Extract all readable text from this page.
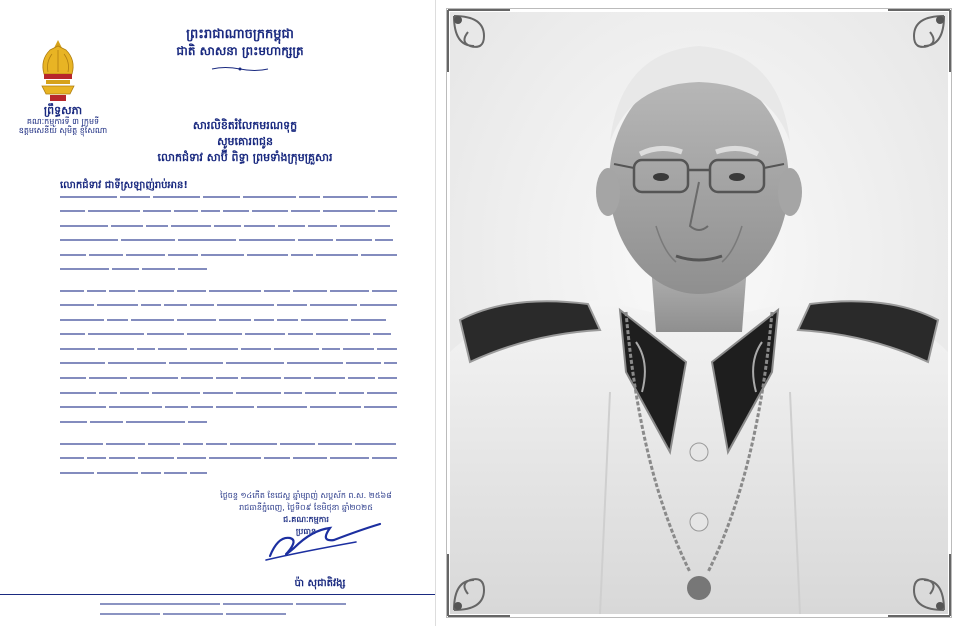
ព្រះរាជាណាចក្រកម្ពុជា
ជាតិ សាសនា ព្រះមហាក្សត្រ
ព្រឹទ្ធសភា
គណៈកម្មការទី ៣ ក្រុមទី
ឧត្តមសេនីយ៍ សុមិត្ត ខ្ញុំសែណា	សារលិខិតរំលែកមរណទុក្ខ
សូមគោរពជូន
លោកជំទាវ សាប៊ី ពិទ្ធា ព្រមទាំងក្រុមគ្រួសារ
លោកជំទាវ ជាទីស្រឡាញ់រាប់អាន!
ថ្ងៃចន្ទ ១៤កើត ខែជេស្ឋ ឆ្នាំម្សាញ់ សប្តស័ក ព.ស. ២៥៦៨
រាជធានីភ្នំពេញ, ថ្ងៃទី០៩ ខែមិថុនា ឆ្នាំ២០២៥
ជ.គណៈកម្មការ
ប្រធាន
ប៉ា សុជាតិវង្ស
